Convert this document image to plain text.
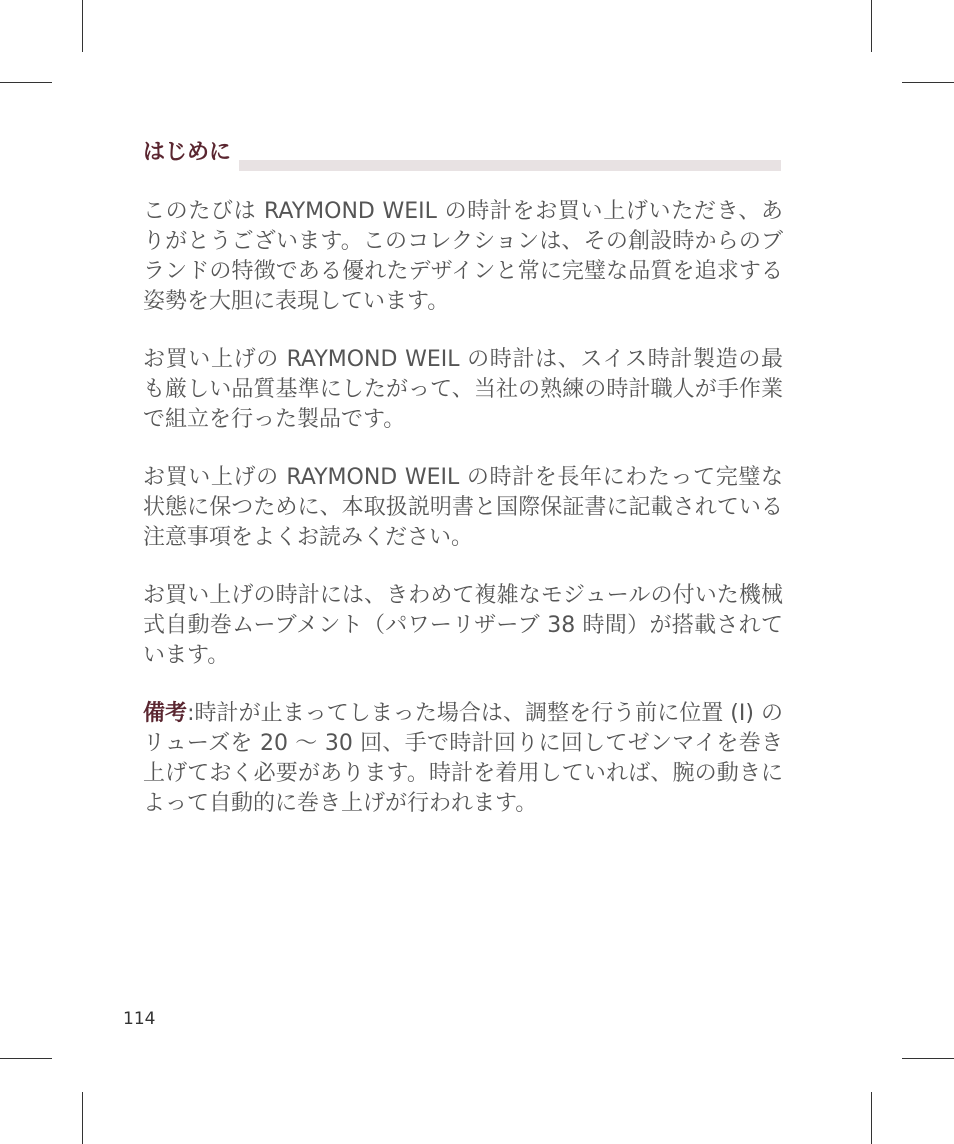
はじめに

このたびは RAYMOND WEIL の時計をお買い上げいただき、ありがとうございます。このコレクションは、その創設時からのブランドの特徴である優れたデザインと常に完璧な品質を追求する姿勢を大胆に表現しています。

お買い上げの RAYMOND WEIL の時計は、スイス時計製造の最も厳しい品質基準にしたがって、当社の熟練の時計職人が手作業で組立を行った製品です。

お買い上げの RAYMOND WEIL の時計を長年にわたって完璧な状態に保つために、本取扱説明書と国際保証書に記載されている注意事項をよくお読みください。

お買い上げの時計には、きわめて複雑なモジュールの付いた機械式自動巻ムーブメント（パワーリザーブ 38 時間）が搭載されています。

備考:時計が止まってしまった場合は、調整を行う前に位置 (I) のリューズを 20 ～ 30 回、手で時計回りに回してゼンマイを巻き上げておく必要があります。時計を着用していれば、腕の動きによって自動的に巻き上げが行われます。

114
